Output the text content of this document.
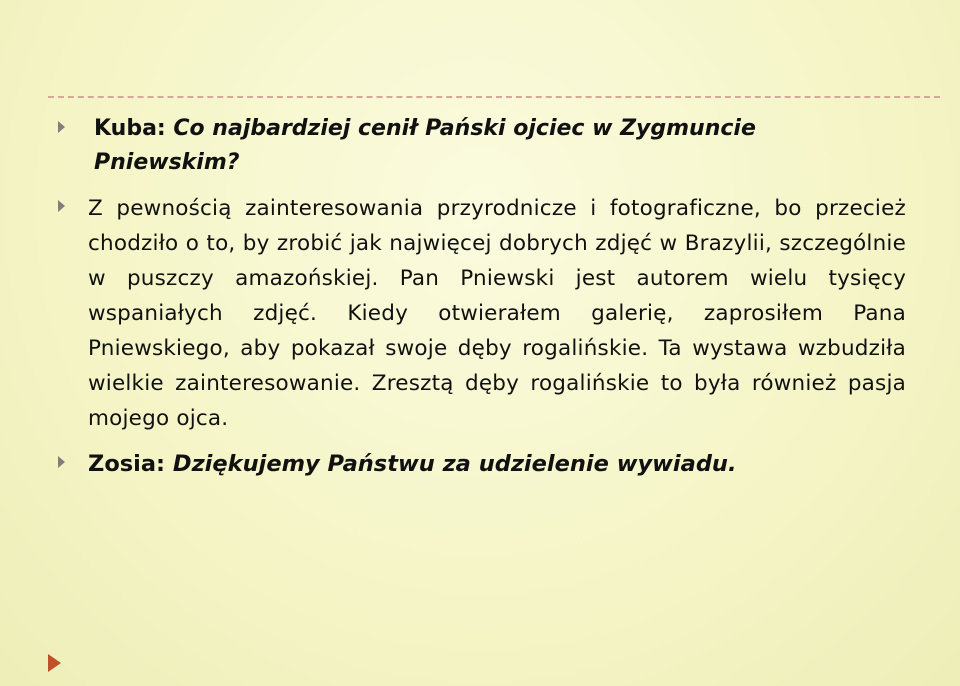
Kuba: Co najbardziej cenił Pański ojciec w Zygmuncie Pniewskim?
Z pewnością zainteresowania przyrodnicze i fotograficzne, bo przecież chodziło o to, by zrobić jak najwięcej dobrych zdjęć w Brazylii, szczególnie w puszczy amazońskiej. Pan Pniewski jest autorem wielu tysięcy wspaniałych zdjęć. Kiedy otwierałem galerię, zaprosiłem Pana Pniewskiego, aby pokazał swoje dęby rogalińskie. Ta wystawa wzbudziła wielkie zainteresowanie. Zresztą dęby rogalińskie to była również pasja mojego ojca.
Zosia: Dziękujemy Państwu za udzielenie wywiadu.
